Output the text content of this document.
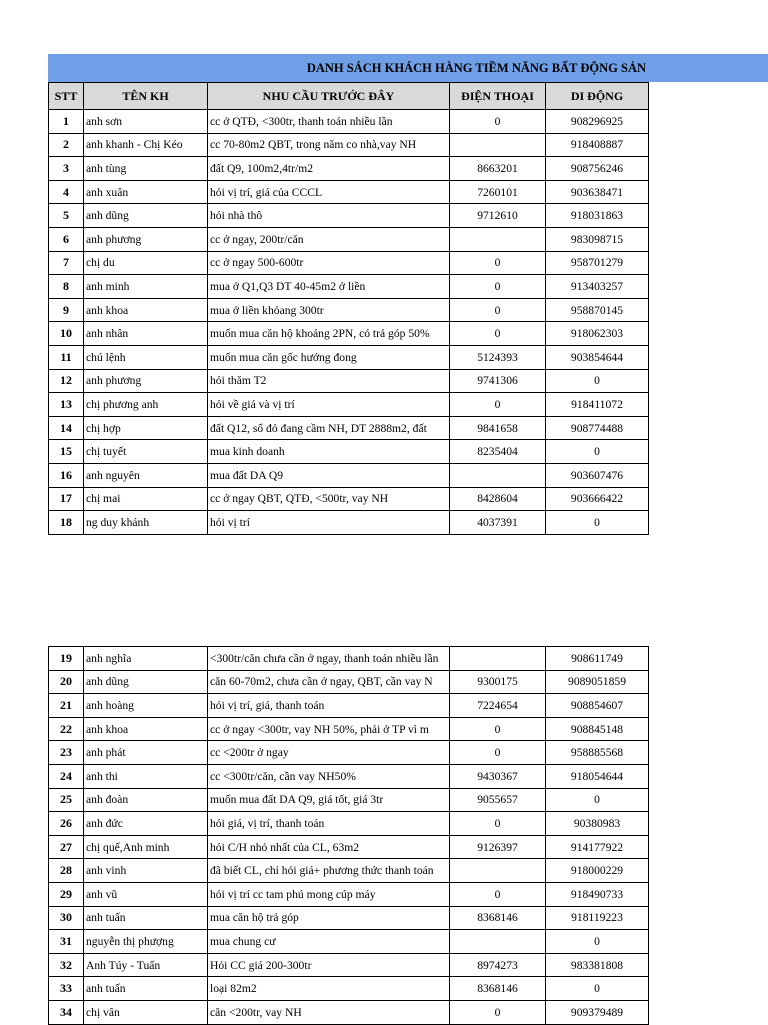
DANH SÁCH KHÁCH HÀNG TIỀM NĂNG BẤT ĐỘNG SẢN
STT	TÊN KH	NHU CẦU TRƯỚC ĐÂY	ĐIỆN THOẠI	DI ĐỘNG
1	anh sơn	cc ở QTĐ, <300tr, thanh toán nhiều lần	0	908296925
2	anh khanh - Chị Kéo	cc 70-80m2 QBT, trong năm co nhà,vay NH		918408887
3	anh tùng	đất Q9, 100m2,4tr/m2	8663201	908756246
4	anh xuân	hỏi vị trí, giá của CCCL	7260101	903638471
5	anh dũng	hỏi nhà thô	9712610	918031863
6	anh phương	cc ở ngay, 200tr/căn		983098715
7	chị du	cc ở ngay 500-600tr	0	958701279
8	anh minh	mua ở Q1,Q3 DT 40-45m2 ở liền	0	913403257
9	anh khoa	mua ở liền khỏang 300tr	0	958870145
10	anh nhân	muốn mua căn hộ khoảng 2PN, có trả góp 50%	0	918062303
11	chú lệnh	muốn mua căn gốc hướng đong	5124393	903854644
12	anh phương	hỏi thăm T2	9741306	0
13	chị phương anh	hỏi về giá và vị trí	0	918411072
14	chị hợp	đất Q12, sổ đỏ đang cầm NH, DT 2888m2, đất	9841658	908774488
15	chị tuyết	mua kinh doanh	8235404	0
16	anh nguyên	mua đất DA Q9		903607476
17	chị mai	cc ở ngay QBT, QTĐ, <500tr, vay NH	8428604	903666422
18	ng duy khánh	hỏi vị trí	4037391	0
19	anh nghĩa	<300tr/căn chưa cần ở ngay, thanh toán nhiều lần		908611749
20	anh dũng	căn 60-70m2, chưa cần ở ngay, QBT, cần vay N	9300175	9089051859
21	anh hoàng	hỏi vị trí, giá, thanh toán	7224654	908854607
22	anh khoa	cc ở ngay <300tr, vay NH 50%, phải ở TP vì m	0	908845148
23	anh phát	cc <200tr ở ngay	0	958885568
24	anh thi	cc <300tr/căn, cần vay NH50%	9430367	918054644
25	anh đoàn	muốn mua đất DA Q9, giá tốt, giá 3tr	9055657	0
26	anh đức	hỏi giá, vị trí, thanh toán	0	90380983
27	chị quế,Anh minh	hỏi C/H nhỏ nhất của CL, 63m2	9126397	914177922
28	anh vinh	đã biết CL, chỉ hỏi giá+ phương thức thanh toán		918000229
29	anh vũ	hỏi vị trí cc tam phú mong cúp máy	0	918490733
30	anh tuấn	mua căn hộ trả góp	8368146	918119223
31	nguyễn thị phượng	mua chung cư		0
32	Anh Túy - Tuấn	Hỏi CC giá 200-300tr	8974273	983381808
33	anh tuấn	loại 82m2	8368146	0
34	chị vân	căn <200tr, vay NH	0	909379489
